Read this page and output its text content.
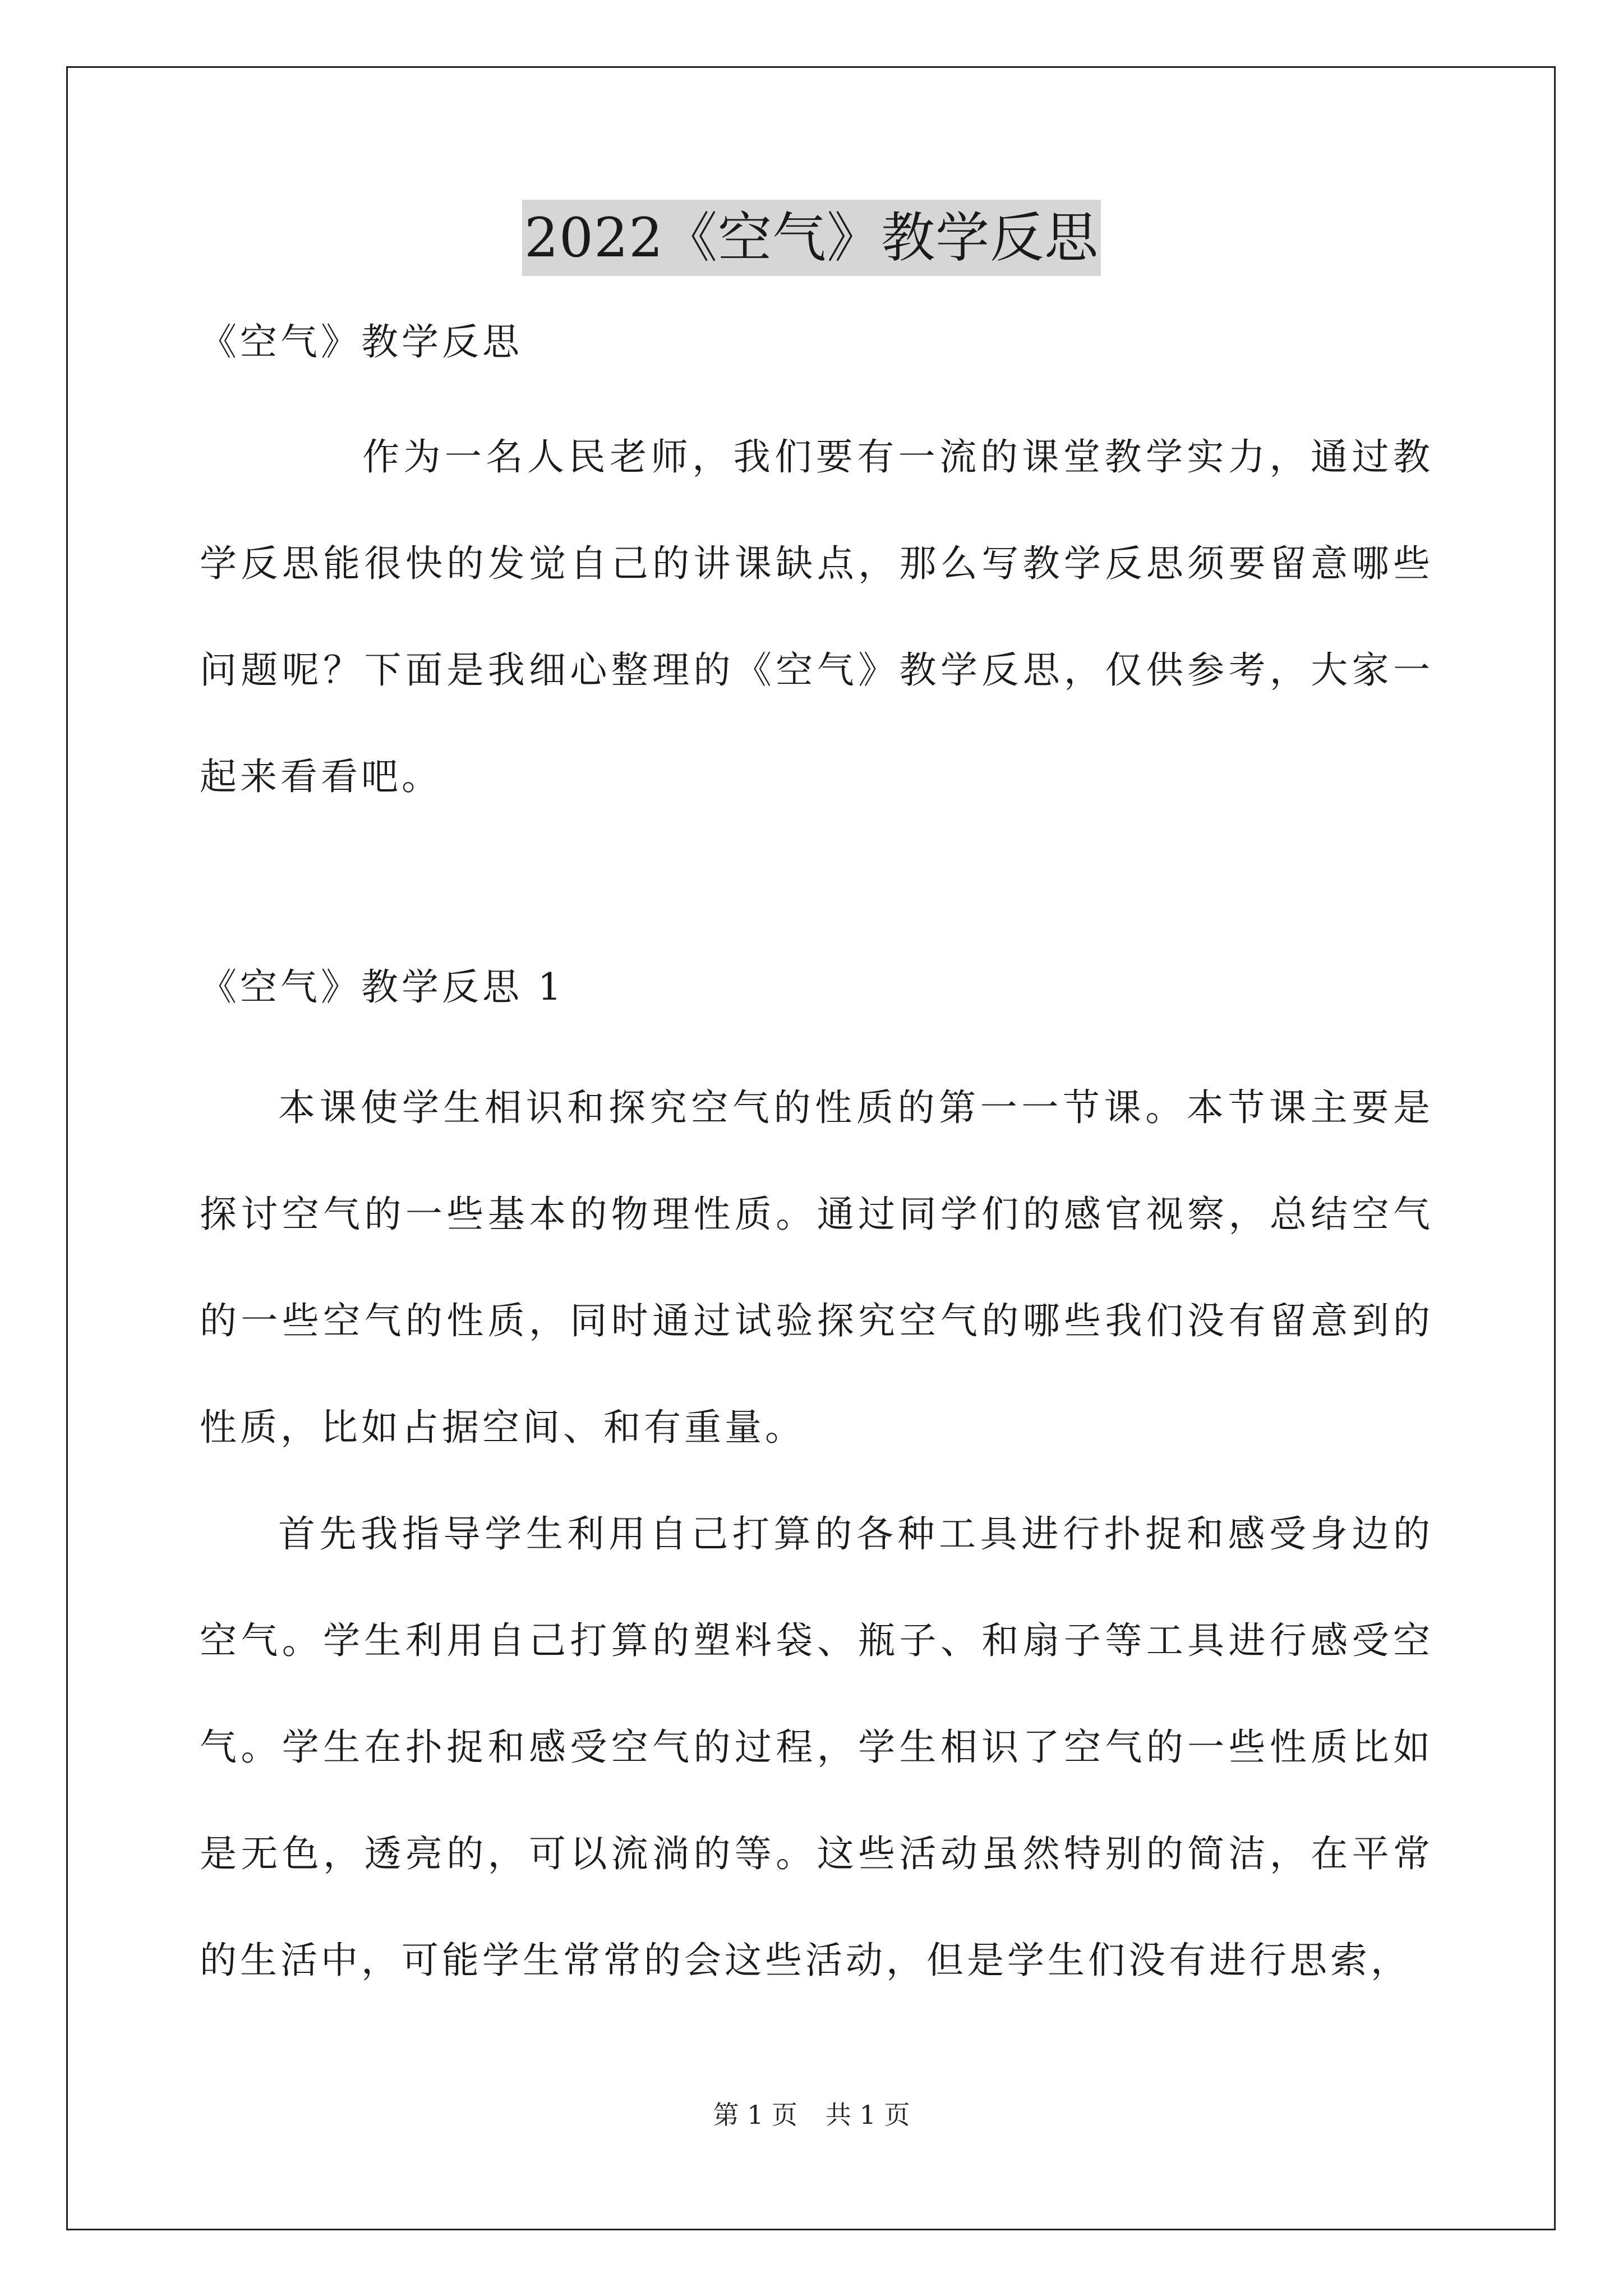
2022《空气》教学反思

《空气》教学反思

作为一名人民老师，我们要有一流的课堂教学实力，通过教学反思能很快的发觉自己的讲课缺点，那么写教学反思须要留意哪些问题呢？下面是我细心整理的《空气》教学反思，仅供参考，大家一起来看看吧。

《空气》教学反思 1

本课使学生相识和探究空气的性质的第一一节课。本节课主要是探讨空气的一些基本的物理性质。通过同学们的感官视察，总结空气的一些空气的性质，同时通过试验探究空气的哪些我们没有留意到的性质，比如占据空间、和有重量。

首先我指导学生利用自己打算的各种工具进行扑捉和感受身边的空气。学生利用自己打算的塑料袋、瓶子、和扇子等工具进行感受空气。学生在扑捉和感受空气的过程，学生相识了空气的一些性质比如是无色，透亮的，可以流淌的等。这些活动虽然特别的简洁，在平常的生活中，可能学生常常的会这些活动，但是学生们没有进行思索，

第 1 页 共 1 页
